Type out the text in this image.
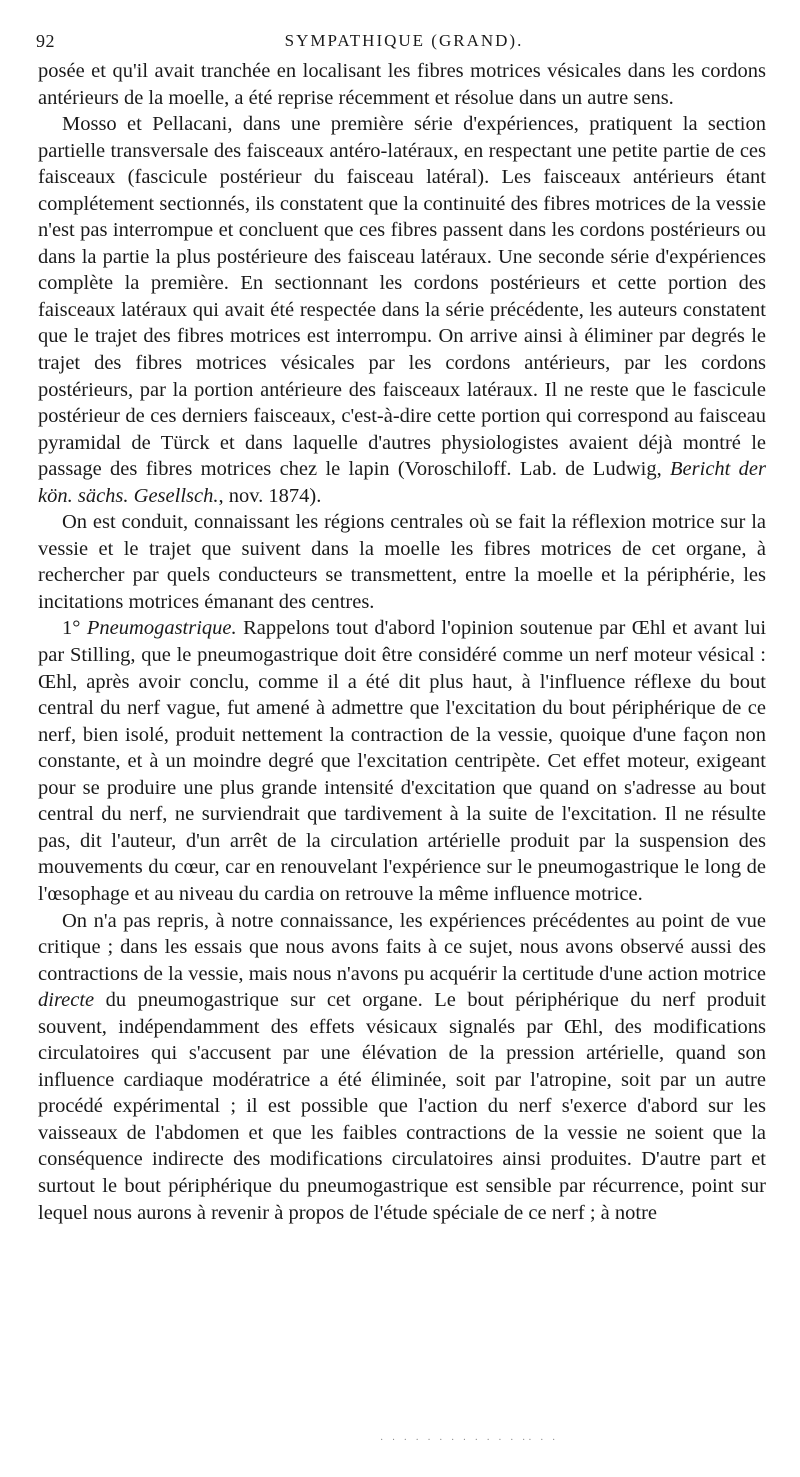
92	SYMPATHIQUE (GRAND).

posée et qu'il avait tranchée en localisant les fibres motrices vésicales dans les cordons antérieurs de la moelle, a été reprise récemment et résolue dans un autre sens.

Mosso et Pellacani, dans une première série d'expériences, pratiquent la section partielle transversale des faisceaux antéro-latéraux, en respectant une petite partie de ces faisceaux (fascicule postérieur du faisceau latéral). Les faisceaux antérieurs étant complétement sectionnés, ils constatent que la continuité des fibres motrices de la vessie n'est pas interrompue et concluent que ces fibres passent dans les cordons postérieurs ou dans la partie la plus postérieure des faisceau latéraux. Une seconde série d'expériences complète la première. En sectionnant les cordons postérieurs et cette portion des faisceaux latéraux qui avait été respectée dans la série précédente, les auteurs constatent que le trajet des fibres motrices est interrompu. On arrive ainsi à éliminer par degrés le trajet des fibres motrices vésicales par les cordons antérieurs, par les cordons postérieurs, par la portion antérieure des faisceaux latéraux. Il ne reste que le fascicule postérieur de ces derniers faisceaux, c'est-à-dire cette portion qui correspond au faisceau pyramidal de Türck et dans laquelle d'autres physiologistes avaient déjà montré le passage des fibres motrices chez le lapin (Voroschiloff. Lab. de Ludwig, Bericht der kön. sächs. Gesellsch., nov. 1874).

On est conduit, connaissant les régions centrales où se fait la réflexion motrice sur la vessie et le trajet que suivent dans la moelle les fibres motrices de cet organe, à rechercher par quels conducteurs se transmettent, entre la moelle et la périphérie, les incitations motrices émanant des centres.

1° Pneumogastrique. Rappelons tout d'abord l'opinion soutenue par Œhl et avant lui par Stilling, que le pneumogastrique doit être considéré comme un nerf moteur vésical : Œhl, après avoir conclu, comme il a été dit plus haut, à l'influence réflexe du bout central du nerf vague, fut amené à admettre que l'excitation du bout périphérique de ce nerf, bien isolé, produit nettement la contraction de la vessie, quoique d'une façon non constante, et à un moindre degré que l'excitation centripète. Cet effet moteur, exigeant pour se produire une plus grande intensité d'excitation que quand on s'adresse au bout central du nerf, ne surviendrait que tardivement à la suite de l'excitation. Il ne résulte pas, dit l'auteur, d'un arrêt de la circulation artérielle produit par la suspension des mouvements du cœur, car en renouvelant l'expérience sur le pneumogastrique le long de l'œsophage et au niveau du cardia on retrouve la même influence motrice.

On n'a pas repris, à notre connaissance, les expériences précédentes au point de vue critique ; dans les essais que nous avons faits à ce sujet, nous avons observé aussi des contractions de la vessie, mais nous n'avons pu acquérir la certitude d'une action motrice directe du pneumogastrique sur cet organe. Le bout périphérique du nerf produit souvent, indépendamment des effets vésicaux signalés par Œhl, des modifications circulatoires qui s'accusent par une élévation de la pression artérielle, quand son influence cardiaque modératrice a été éliminée, soit par l'atropine, soit par un autre procédé expérimental ; il est possible que l'action du nerf s'exerce d'abord sur les vaisseaux de l'abdomen et que les faibles contractions de la vessie ne soient que la conséquence indirecte des modifications circulatoires ainsi produites. D'autre part et surtout le bout périphérique du pneumogastrique est sensible par récurrence, point sur lequel nous aurons à revenir à propos de l'étude spéciale de ce nerf ; à notre

· · · · · · · · · · · · ·· · ·
